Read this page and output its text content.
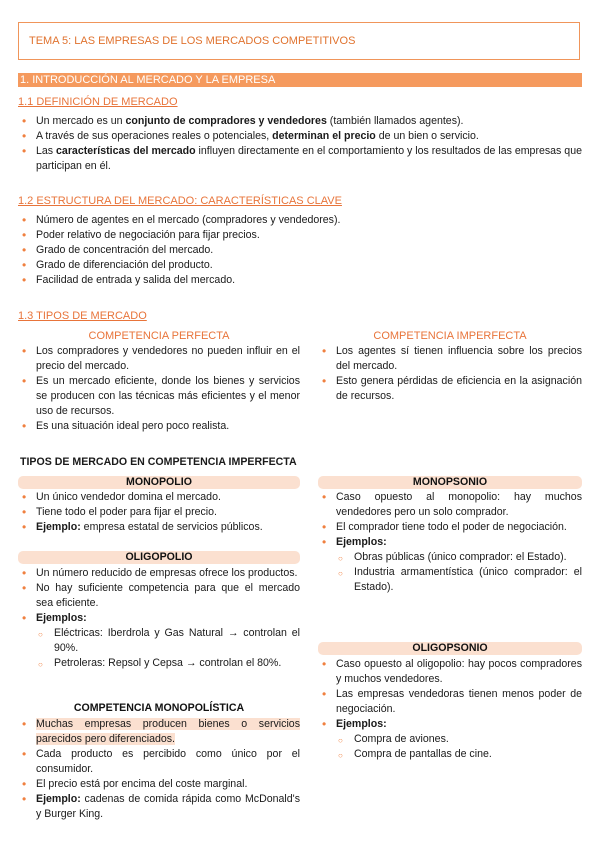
TEMA 5: LAS EMPRESAS DE LOS MERCADOS COMPETITIVOS
1. INTRODUCCIÓN AL MERCADO Y LA EMPRESA
1.1 DEFINICIÓN DE MERCADO
• Un mercado es un conjunto de compradores y vendedores (también llamados agentes).
• A través de sus operaciones reales o potenciales, determinan el precio de un bien o servicio.
• Las características del mercado influyen directamente en el comportamiento y los resultados de las empresas que participan en él.
1.2 ESTRUCTURA DEL MERCADO: CARACTERÍSTICAS CLAVE
• Número de agentes en el mercado (compradores y vendedores).
• Poder relativo de negociación para fijar precios.
• Grado de concentración del mercado.
• Grado de diferenciación del producto.
• Facilidad de entrada y salida del mercado.
1.3 TIPOS DE MERCADO
COMPETENCIA PERFECTA
• Los compradores y vendedores no pueden influir en el precio del mercado.
• Es un mercado eficiente, donde los bienes y servicios se producen con las técnicas más eficientes y el menor uso de recursos.
• Es una situación ideal pero poco realista.
COMPETENCIA IMPERFECTA
• Los agentes sí tienen influencia sobre los precios del mercado.
• Esto genera pérdidas de eficiencia en la asignación de recursos.
TIPOS DE MERCADO EN COMPETENCIA IMPERFECTA
MONOPOLIO
• Un único vendedor domina el mercado.
• Tiene todo el poder para fijar el precio.
• Ejemplo: empresa estatal de servicios públicos.
OLIGOPOLIO
• Un número reducido de empresas ofrece los productos.
• No hay suficiente competencia para que el mercado sea eficiente.
• Ejemplos:
○ Eléctricas: Iberdrola y Gas Natural → controlan el 90%.
○ Petroleras: Repsol y Cepsa → controlan el 80%.
COMPETENCIA MONOPOLÍSTICA
• Muchas empresas producen bienes o servicios parecidos pero diferenciados.
• Cada producto es percibido como único por el consumidor.
• El precio está por encima del coste marginal.
• Ejemplo: cadenas de comida rápida como McDonald's y Burger King.
MONOPSONIO
• Caso opuesto al monopolio: hay muchos vendedores pero un solo comprador.
• El comprador tiene todo el poder de negociación.
• Ejemplos:
○ Obras públicas (único comprador: el Estado).
○ Industria armamentística (único comprador: el Estado).
OLIGOPSONIO
• Caso opuesto al oligopolio: hay pocos compradores y muchos vendedores.
• Las empresas vendedoras tienen menos poder de negociación.
• Ejemplos:
○ Compra de aviones.
○ Compra de pantallas de cine.
